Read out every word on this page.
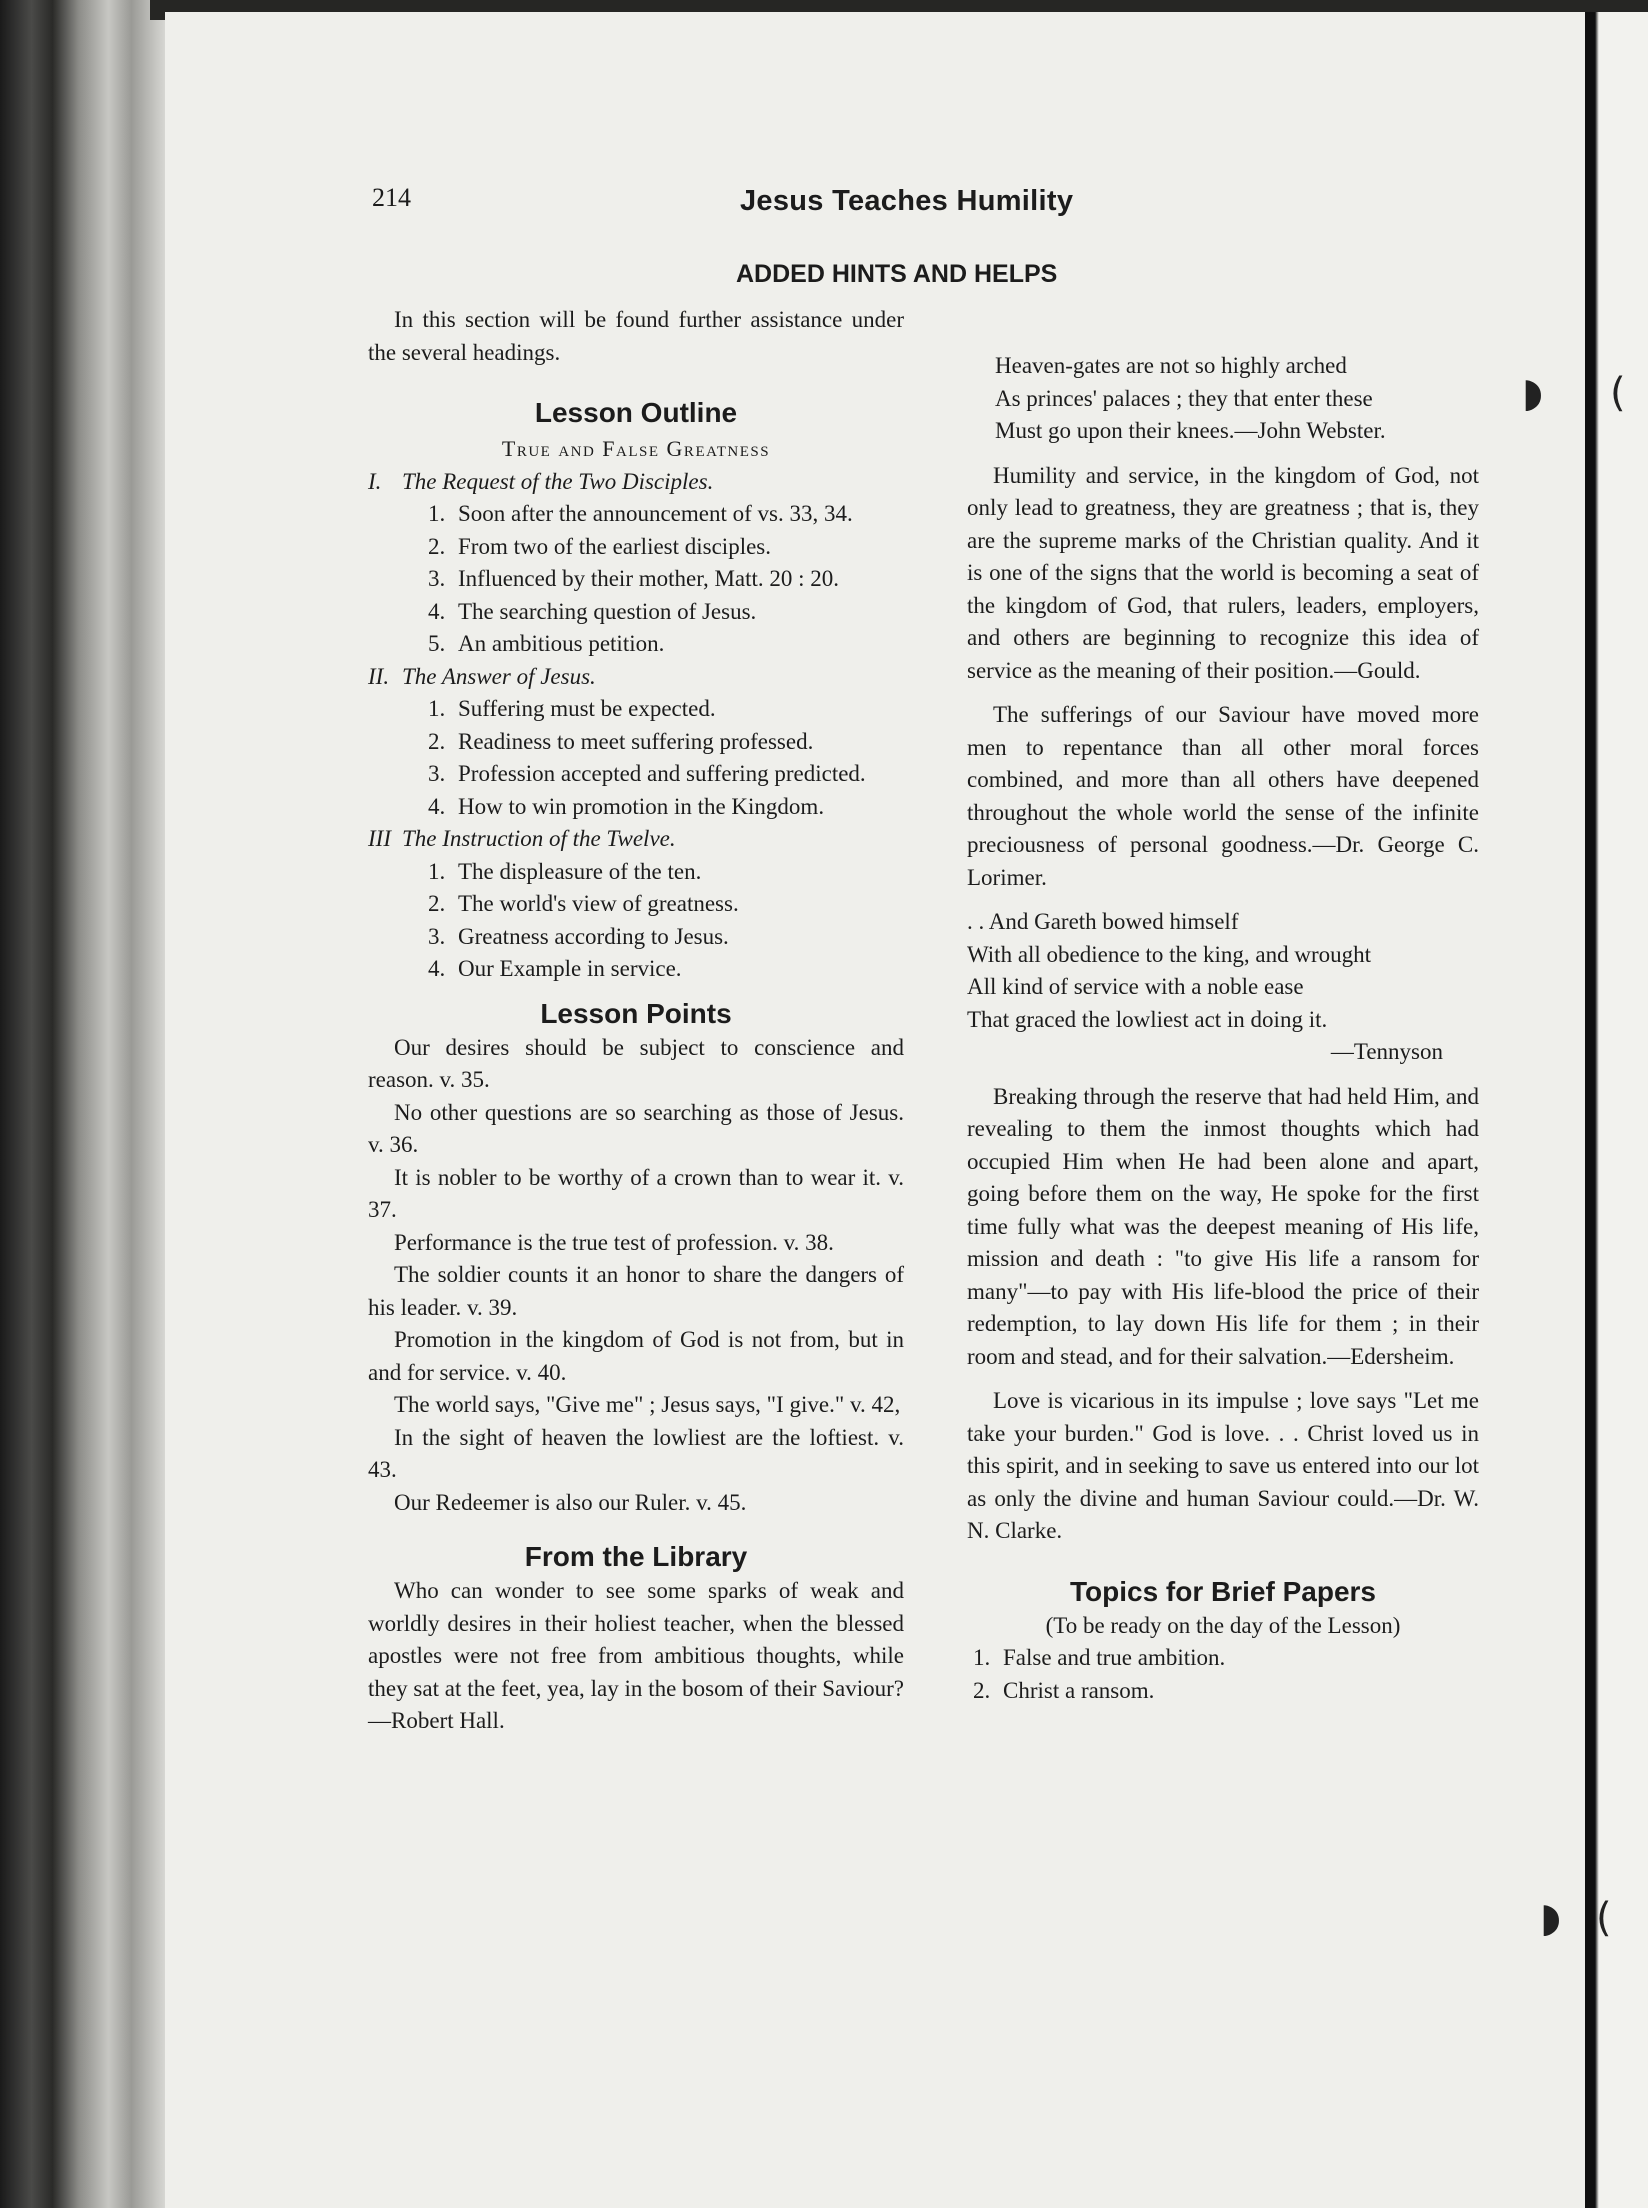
◗ (
◗ (
214	Jesus Teaches Humility
ADDED HINTS AND HELPS

In this section will be found further assistance under the several headings.

Lesson Outline
True and False Greatness
I. The Request of the Two Disciples.
1. Soon after the announcement of vs. 33, 34.
2. From two of the earliest disciples.
3. Influenced by their mother, Matt. 20 : 20.
4. The searching question of Jesus.
5. An ambitious petition.
II. The Answer of Jesus.
1. Suffering must be expected.
2. Readiness to meet suffering professed.
3. Profession accepted and suffering predicted.
4. How to win promotion in the Kingdom.
III The Instruction of the Twelve.
1. The displeasure of the ten.
2. The world's view of greatness.
3. Greatness according to Jesus.
4. Our Example in service.
Lesson Points

Our desires should be subject to conscience and reason. v. 35.

No other questions are so searching as those of Jesus. v. 36.

It is nobler to be worthy of a crown than to wear it. v. 37.

Performance is the true test of profession. v. 38.

The soldier counts it an honor to share the dangers of his leader. v. 39.

Promotion in the kingdom of God is not from, but in and for service. v. 40.

The world says, "Give me" ; Jesus says, "I give." v. 42,

In the sight of heaven the lowliest are the loftiest. v. 43.

Our Redeemer is also our Ruler. v. 45.

From the Library

Who can wonder to see some sparks of weak and worldly desires in their holiest teacher, when the blessed apostles were not free from ambitious thoughts, while they sat at the feet, yea, lay in the bosom of their Saviour?—Robert Hall.

Heaven-gates are not so highly arched
As princes' palaces ; they that enter these
Must go upon their knees.—John Webster.

Humility and service, in the kingdom of God, not only lead to greatness, they are greatness ; that is, they are the supreme marks of the Christian quality. And it is one of the signs that the world is becoming a seat of the kingdom of God, that rulers, leaders, employers, and others are beginning to recognize this idea of service as the meaning of their position.—Gould.

The sufferings of our Saviour have moved more men to repentance than all other moral forces combined, and more than all others have deepened throughout the whole world the sense of the infinite preciousness of personal goodness.—Dr. George C. Lorimer.

. . And Gareth bowed himself
With all obedience to the king, and wrought
All kind of service with a noble ease
That graced the lowliest act in doing it.
—Tennyson

Breaking through the reserve that had held Him, and revealing to them the inmost thoughts which had occupied Him when He had been alone and apart, going before them on the way, He spoke for the first time fully what was the deepest meaning of His life, mission and death : "to give His life a ransom for many"—to pay with His life-blood the price of their redemption, to lay down His life for them ; in their room and stead, and for their salvation.—Edersheim.

Love is vicarious in its impulse ; love says "Let me take your burden." God is love. . . Christ loved us in this spirit, and in seeking to save us entered into our lot as only the divine and human Saviour could.—Dr. W. N. Clarke.

Topics for Brief Papers
(To be ready on the day of the Lesson)
1. False and true ambition.
2. Christ a ransom.
